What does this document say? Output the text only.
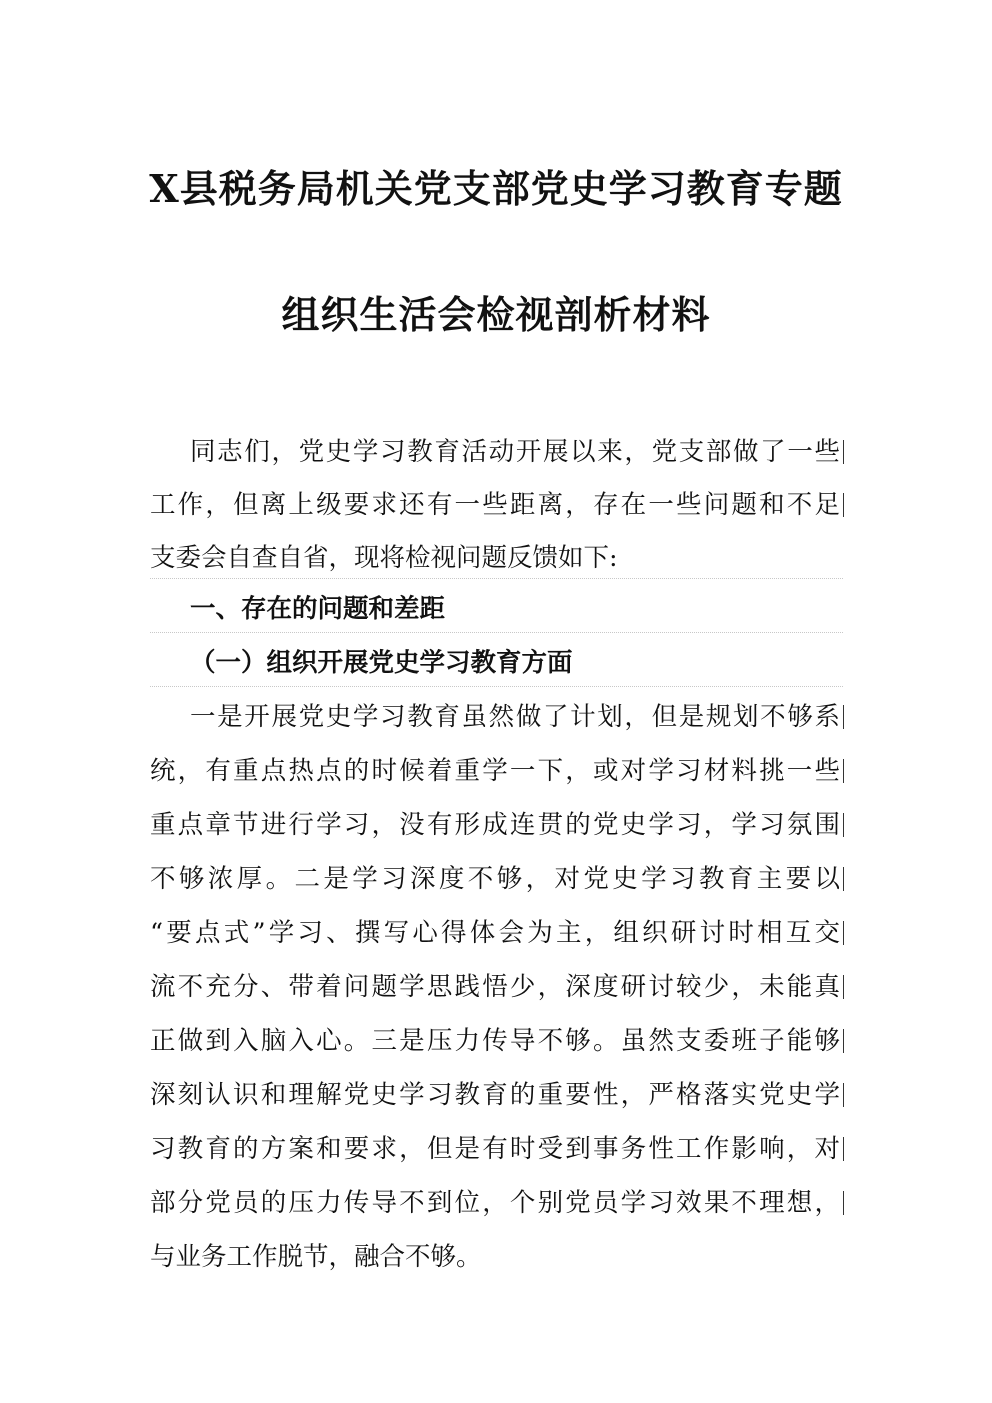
X县税务局机关党支部党史学习教育专题
组织生活会检视剖析材料
同志们，党史学习教育活动开展以来，党支部做了一些
工作，但离上级要求还有一些距离，存在一些问题和不足
支委会自查自省，现将检视问题反馈如下:
一、存在的问题和差距
（一）组织开展党史学习教育方面
一是开展党史学习教育虽然做了计划，但是规划不够系
统，有重点热点的时候着重学一下，或对学习材料挑一些
重点章节进行学习，没有形成连贯的党史学习，学习氛围
不够浓厚。二是学习深度不够，对党史学习教育主要以
“要点式”学习、撰写心得体会为主，组织研讨时相互交
流不充分、带着问题学思践悟少，深度研讨较少，未能真
正做到入脑入心。三是压力传导不够。虽然支委班子能够
深刻认识和理解党史学习教育的重要性，严格落实党史学
习教育的方案和要求，但是有时受到事务性工作影响，对
部分党员的压力传导不到位，个别党员学习效果不理想，
与业务工作脱节，融合不够。
